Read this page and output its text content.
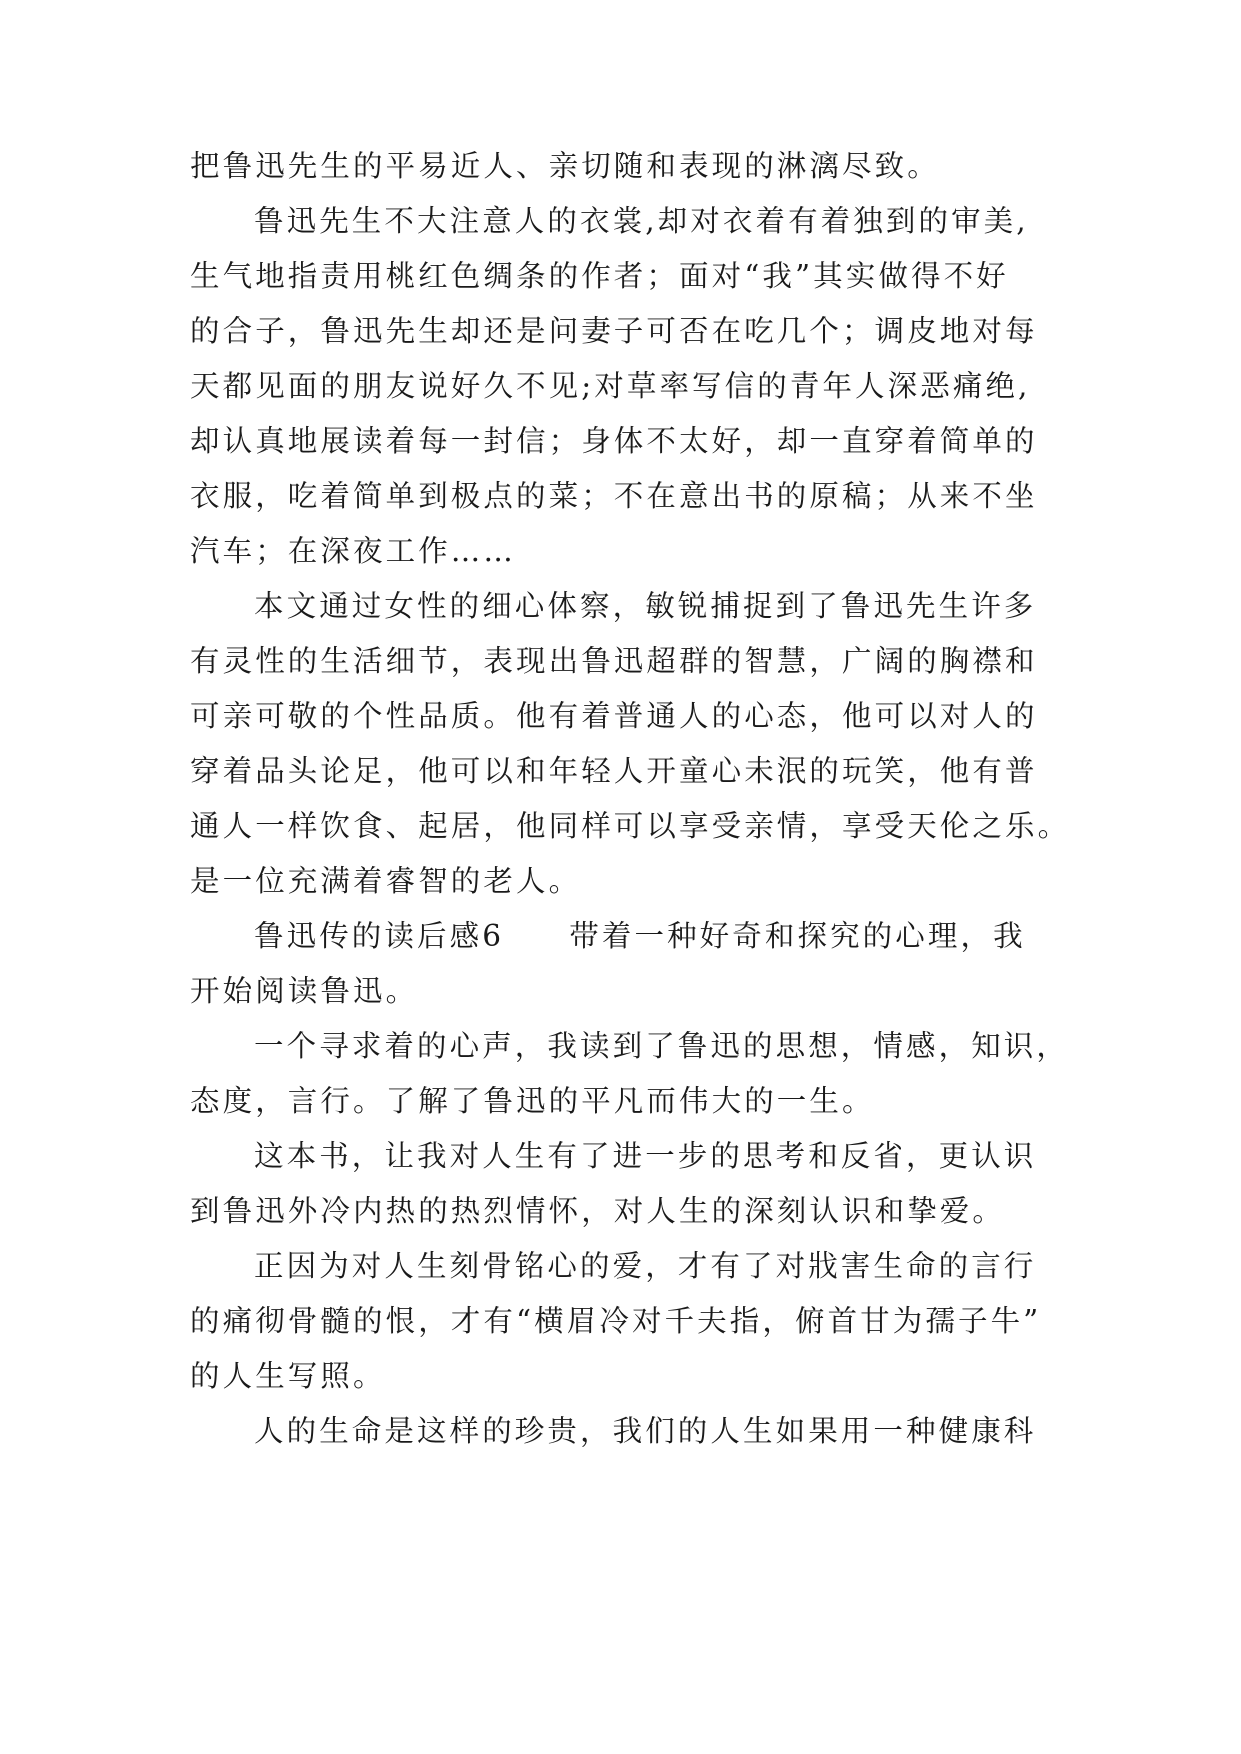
把鲁迅先生的平易近人、亲切随和表现的淋漓尽致。
鲁迅先生不大注意人的衣裳,却对衣着有着独到的审美,
生气地指责用桃红色绸条的作者；面对“我”其实做得不好
的合子，鲁迅先生却还是问妻子可否在吃几个；调皮地对每
天都见面的朋友说好久不见;对草率写信的青年人深恶痛绝,
却认真地展读着每一封信；身体不太好，却一直穿着简单的
衣服，吃着简单到极点的菜；不在意出书的原稿；从来不坐
汽车；在深夜工作……
本文通过女性的细心体察，敏锐捕捉到了鲁迅先生许多
有灵性的生活细节，表现出鲁迅超群的智慧，广阔的胸襟和
可亲可敬的个性品质。他有着普通人的心态，他可以对人的
穿着品头论足，他可以和年轻人开童心未泯的玩笑，他有普
通人一样饮食、起居，他同样可以享受亲情，享受天伦之乐。
是一位充满着睿智的老人。
鲁迅传的读后感6　　带着一种好奇和探究的心理，我
开始阅读鲁迅。
一个寻求着的心声，我读到了鲁迅的思想，情感，知识，
态度，言行。了解了鲁迅的平凡而伟大的一生。
这本书，让我对人生有了进一步的思考和反省，更认识
到鲁迅外冷内热的热烈情怀，对人生的深刻认识和挚爱。
正因为对人生刻骨铭心的爱，才有了对戕害生命的言行
的痛彻骨髓的恨，才有“横眉冷对千夫指，俯首甘为孺子牛”
的人生写照。
人的生命是这样的珍贵，我们的人生如果用一种健康科
